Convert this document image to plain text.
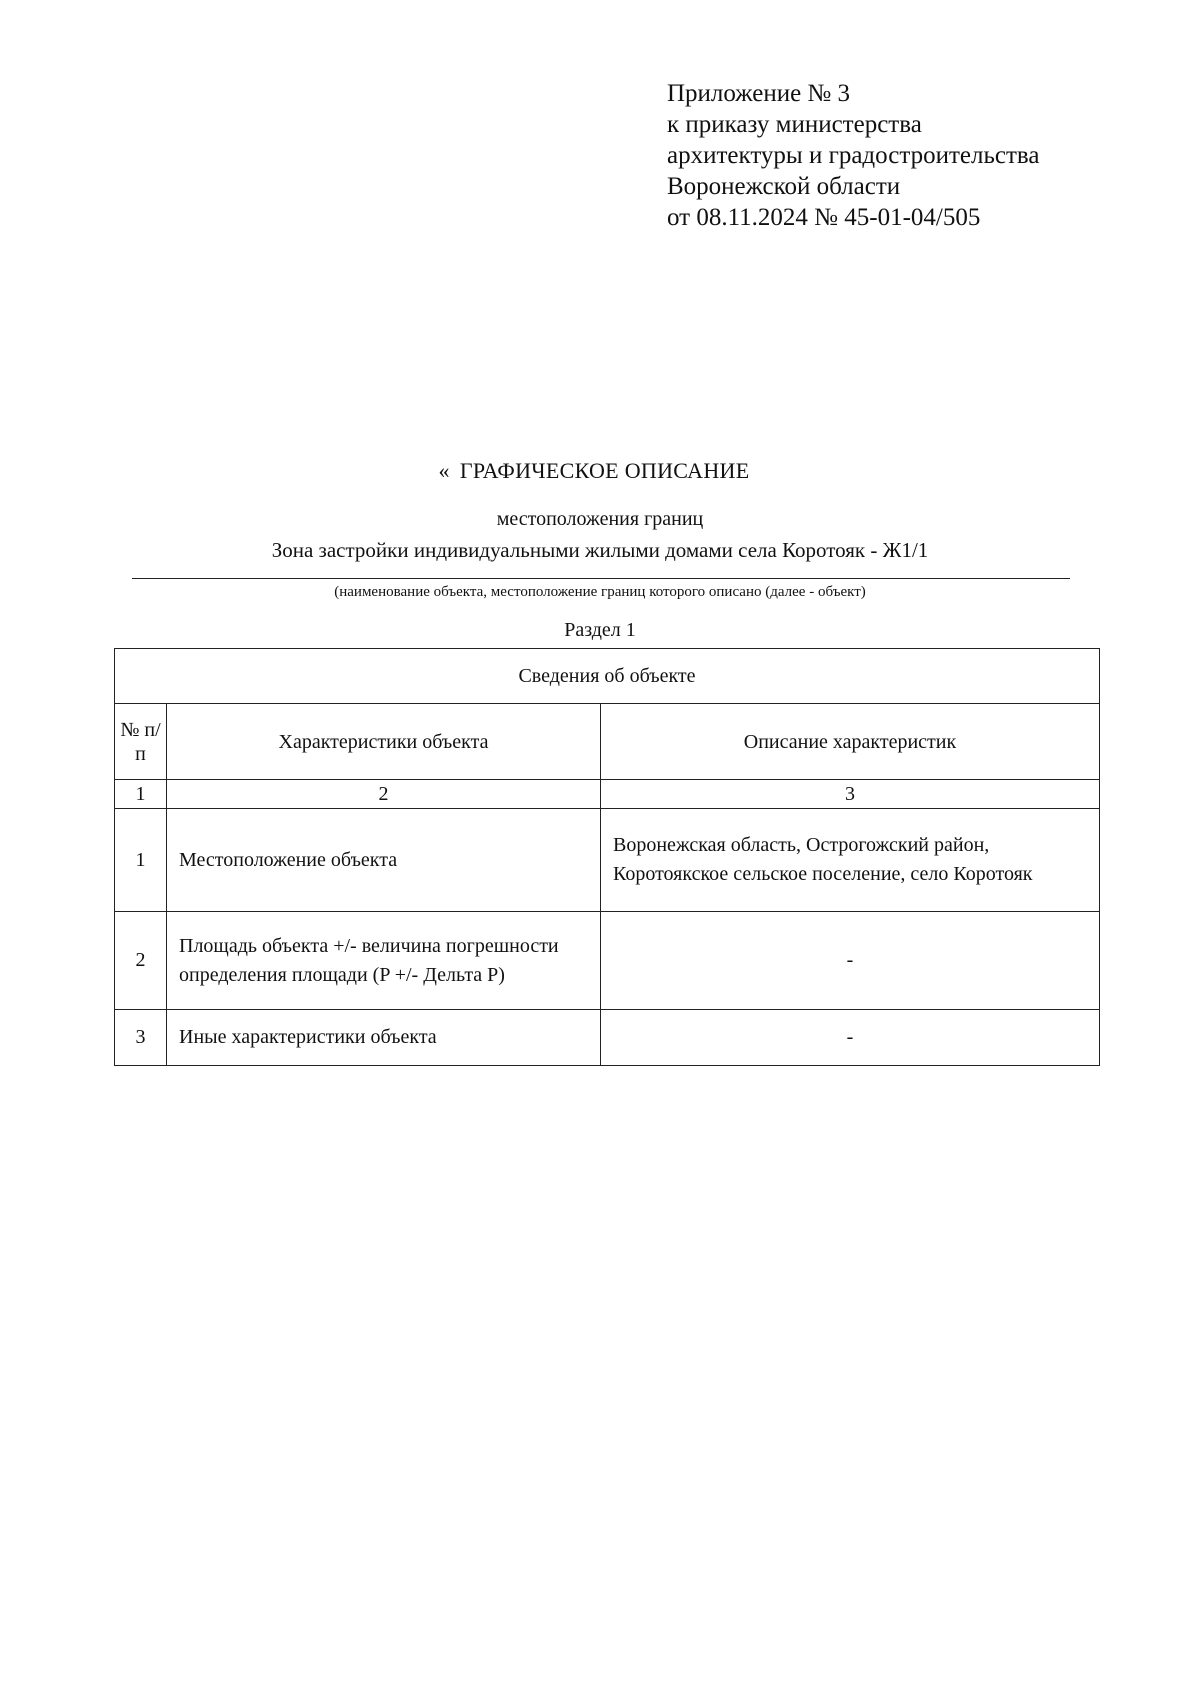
Приложение № 3
к приказу министерства
архитектуры и градостроительства
Воронежской области
от 08.11.2024 № 45-01-04/505
« ГРАФИЧЕСКОЕ ОПИСАНИЕ
местоположения границ
Зона застройки индивидуальными жилыми домами села Коротояк - Ж1/1
(наименование объекта, местоположение границ которого описано (далее - объект)
Раздел 1
Сведения об объекте		
№ п/п	Характеристики объекта	Описание характеристик
1	2	3
1	Местоположение объекта	Воронежская область, Острогожский район, Коротоякское сельское поселение, село Коротояк
2	Площадь объекта +/- величина погрешности определения площади (P +/- Дельта P)	-
3	Иные характеристики объекта	-
